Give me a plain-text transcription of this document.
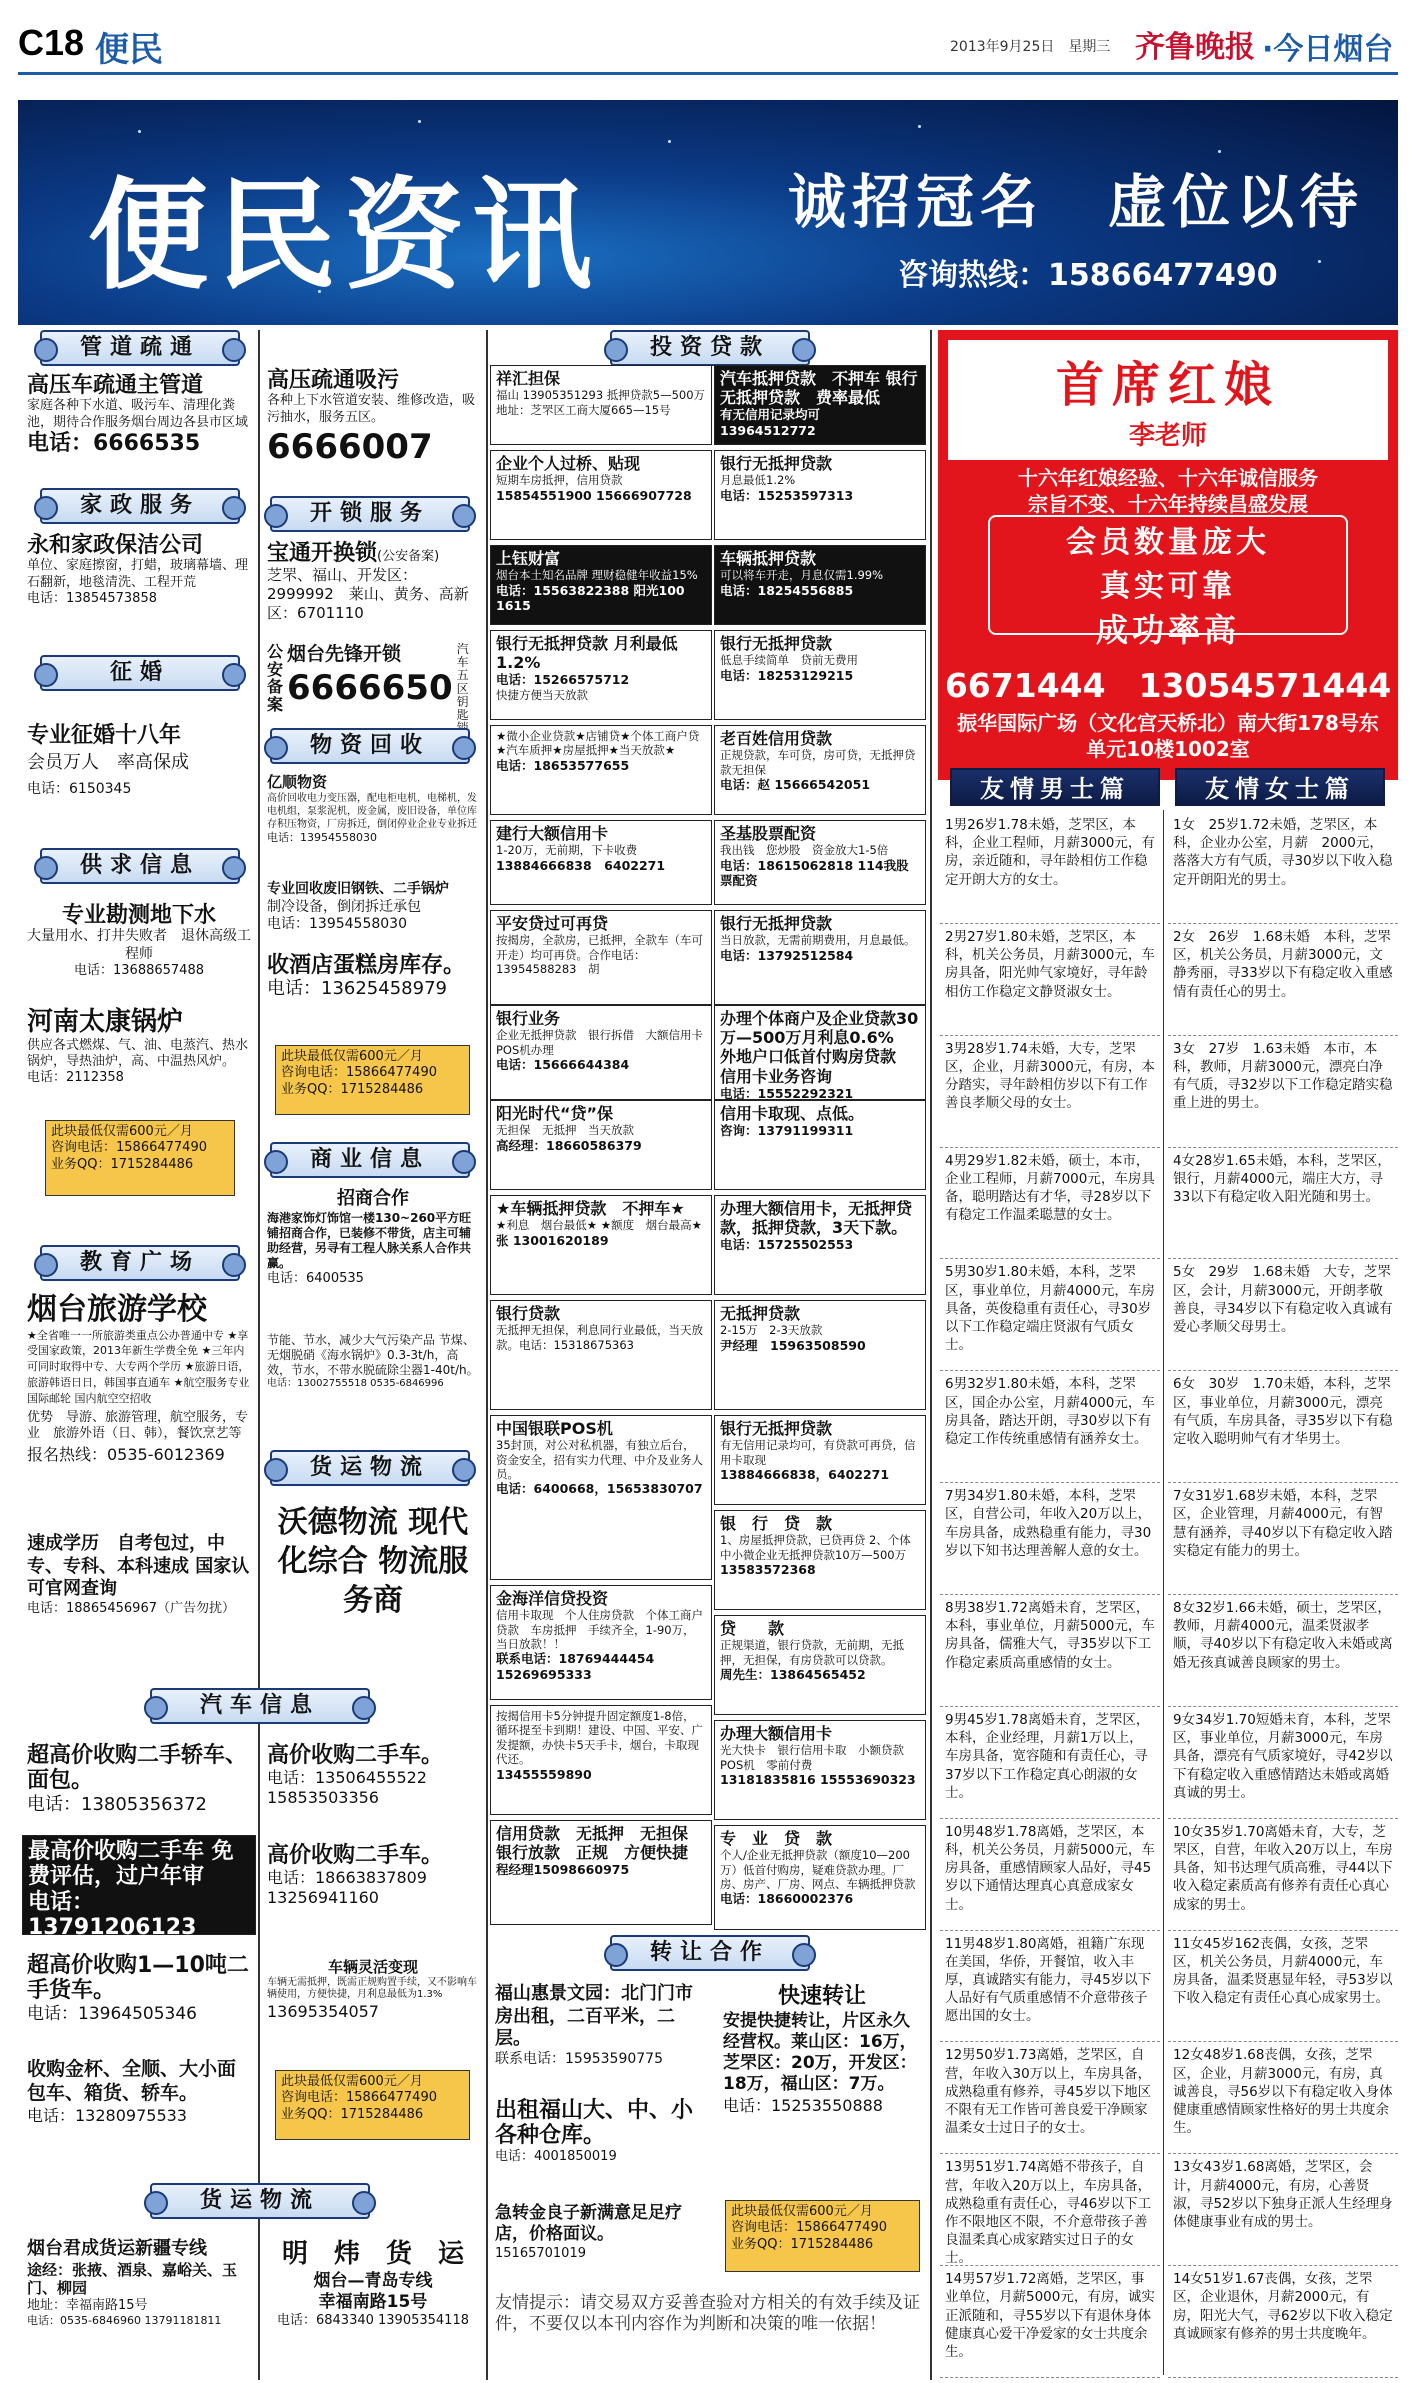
C18 便民	2013年9月25日　星期三 齐鲁晚报 ·今日烟台
便民资讯	诚招冠名　虚位以待
咨询热线：15866477490
管道疏通
高压车疏通主管道
家庭各种下水道、吸污车、清理化粪池，期待合作服务烟台周边各县市区域
电话：6666535
家政服务
永和家政保洁公司
单位、家庭擦窗，打蜡，玻璃幕墙、理石翻新，地毯清洗、工程开荒
电话：13854573858
征婚
专业征婚十八年
会员万人　率高保成
电话：6150345
供求信息
专业勘测地下水
大量用水、打井失败者　退休高级工程师
电话：13688657488
河南太康锅炉
供应各式燃煤、气、油、电蒸汽、热水锅炉，导热油炉，高、中温热风炉。
电话：2112358
此块最低仅需600元／月
咨询电话：15866477490
业务QQ：1715284486
教育广场
烟台旅游学校
★全省唯一一所旅游类重点公办普通中专 ★享受国家政策，2013年新生学费全免 ★三年内可同时取得中专、大专两个学历 ★旅游日语，旅游韩语日日，韩国事直通车 ★航空服务专业 国际邮轮 国内航空空招收
优势　导游、旅游管理，航空服务，专业　旅游外语（日、韩），餐饮烹艺等
报名热线：0535-6012369
速成学历　自考包过，中专、专科、本科速成 国家认可官网查询
电话：18865456967（广告勿扰）
汽车信息
超高价收购二手轿车、面包。
电话：13805356372
最高价收购二手车 免费评估，过户年审
电话：13791206123
超高价收购1—10吨二手货车。
电话：13964505346
收购金杯、全顺、大小面包车、箱货、轿车。
电话：13280975533
货运物流
烟台君成货运新疆专线
途经：张掖、酒泉、嘉峪关、玉门、柳园
地址：幸福南路15号
电话：0535-6846960 13791181811
高压疏通吸污
各种上下水管道安装、维修改造，吸污抽水，服务五区。
6666007
开锁服务
宝通开换锁(公安备案)
芝罘、福山、开发区：2999992　莱山、黄务、高新区：6701110
公安备案
烟台先锋开锁
6666650
汽车五区钥匙
物资回收
亿顺物资
高价回收电力变压器，配电柜电机，电梯机，发电机组，泵浆泥机，废金属，废旧设备，单位库存积压物资，厂房拆迁，倒闭停业企业专业拆迁
电话：13954558030
专业回收废旧钢铁、二手锅炉
制冷设备，倒闭拆迁承包
电话：13954558030
收酒店蛋糕房库存。
电话：13625458979
此块最低仅需600元／月
咨询电话：15866477490
业务QQ：1715284486
商业信息
招商合作
海港家饰灯饰馆一楼130~260平方旺铺招商合作，已装修不带货，店主可辅助经营，另寻有工程人脉关系人合作共赢。
电话：6400535
节能、节水，减少大气污染产品 节煤、无烟脱硝《海水锅炉》0.3-3t/h，高效，节水，不带水脱硫除尘器1-40t/h。
电话：13002755518 0535-6846996
货运物流
沃德物流 现代化综合 物流服务商
高价收购二手车。
电话：13506455522 15853503356
高价收购二手车。
电话：18663837809 13256941160
车辆灵活变现
车辆无需抵押，既需正规购置手续，又不影响车辆使用，方便快捷，月利息最低为1.3%
13695354057
此块最低仅需600元／月
咨询电话：15866477490
业务QQ：1715284486
明　炜　货　运
烟台—青岛专线
幸福南路15号
电话：6843340 13905354118
投资贷款
祥汇担保
福山 13905351293 抵押贷款5—500万 地址：芝罘区工商大厦665—15号
汽车抵押贷款　不押车 银行无抵押贷款　费率最低
有无信用记录均可 13964512772
企业个人过桥、贴现
短期车房抵押，信用贷款
15854551900 15666907728
银行无抵押贷款
月息最低1.2%
电话：15253597313
上钰财富
烟台本土知名品牌 理财稳健年收益15%
电话：15563822388 阳光100 1615
车辆抵押贷款
可以将车开走，月息仅需1.99%
电话：18254556885
银行无抵押贷款 月利最低1.2%
电话：15266575712
快捷方便当天放款
银行无抵押贷款
低息手续简单　贷前无费用
电话：18253129215
★微小企业贷款★店铺贷★个体工商户贷 ★汽车质押★房屋抵押★当天放款★
电话：18653577655
老百姓信用贷款
正规贷款，车可贷，房可贷，无抵押贷款无担保
电话：赵 15666542051
建行大额信用卡
1-20万，无前期，下卡收费
13884666838　6402271
圣基股票配资
我出钱　您炒股　资金放大1-5倍
电话：18615062818 114我股票配资
平安贷过可再贷
按揭房，全款房，已抵押，全款车（车可开走）均可再贷。合作电话：13954588283　胡
银行无抵押贷款
当日放款，无需前期费用，月息最低。
电话：13792512584
银行业务
企业无抵押贷款　银行拆借　大额信用卡　POS机办理
电话：15666644384
办理个体商户及企业贷款30万—500万月利息0.6%　外地户口低首付购房贷款　信用卡业务咨询
电话：15552292321
阳光时代“贷”保
无担保　无抵押　当天放款
高经理：18660586379
信用卡取现、点低。
咨询：13791199311
★车辆抵押贷款　不押车★
★利息　烟台最低★ ★额度　烟台最高★
张 13001620189
办理大额信用卡，无抵押贷款，抵押贷款，3天下款。
电话：15725502553
银行贷款
无抵押无担保，利息同行业最低，当天放款。电话：15318675363
无抵押贷款
2-15万　2-3天放款
尹经理　15963508590
中国银联POS机
35封顶，对公对私机器，有独立后台，资金安全，招有实力代理、中介及业务人员。
电话：6400668，15653830707
银行无抵押贷款
有无信用记录均可，有贷款可再贷，信用卡取现
13884666838，6402271
银　行　贷　款
1、房屋抵押贷款，已贷再贷 2、个体中小微企业无抵押贷款10万—500万
13583572368
金海洋信贷投资
信用卡取现　个人住房贷款　个体工商户贷款　车房抵押　手续齐全，1-90万，当日放款！！
联系电话：18769444454　15269695333
贷　　款
正规渠道，银行贷款，无前期，无抵押，无担保，有房贷款可以贷款。
周先生：13864565452
按揭信用卡5分钟提升固定额度1-8倍，循环提至卡到期！建设、中国、平安、广发提额，办快卡5天手卡，烟台，卡取现代还。
13455559890
办理大额信用卡
光大快卡　银行信用卡取　小额贷款 POS机　零前付费　
13181835816 15553690323
信用贷款　无抵押　无担保 银行放款　正规　方便快捷
程经理15098660975
专　业　贷　款
个人/企业无抵押贷款（额度10—200万）低首付购房，疑难贷款办理。厂房、房产、厂房、网点、车辆抵押贷款
电话：18660002376
转让合作
福山惠景文园：北门门市房出租，二百平米，二层。
联系电话：15953590775
出租福山大、中、小各种仓库。
电话：4001850019
急转金良子新满意足足疗店，价格面议。
15165701019
快速转让
安提快捷转让，片区永久经营权。莱山区：16万，芝罘区：20万，开发区：18万，福山区：7万。
电话：15253550888
此块最低仅需600元／月
咨询电话：15866477490
业务QQ：1715284486
友情提示：请交易双方妥善查验对方相关的有效手续及证件，不要仅以本刊内容作为判断和决策的唯一依据！
首席红娘
李老师
十六年红娘经验、十六年诚信服务
宗旨不变、十六年持续昌盛发展
会员数量庞大
真实可靠
成功率高
6671444　13054571444
振华国际广场（文化宫天桥北）南大街178号东单元10楼1002室
友情男士篇	友情女士篇
1男26岁1.78未婚，芝罘区，本科，企业工程师，月薪3000元，有房，亲近随和，寻年龄相仿工作稳定开朗大方的女士。
2男27岁1.80未婚，芝罘区，本科，机关公务员，月薪3000元，车房具备，阳光帅气家境好，寻年龄相仿工作稳定文静贤淑女士。
3男28岁1.74未婚，大专，芝罘区，企业，月薪3000元，有房，本分踏实，寻年龄相仿岁以下有工作善良孝顺父母的女士。
4男29岁1.82未婚，硕士，本市，企业工程师，月薪7000元，车房具备，聪明踏达有才华，寻28岁以下有稳定工作温柔聪慧的女士。
5男30岁1.80未婚，本科，芝罘区，事业单位，月薪4000元，车房具备，英俊稳重有责任心，寻30岁以下工作稳定端庄贤淑有气质女士。
6男32岁1.80未婚，本科，芝罘区，国企办公室，月薪4000元，车房具备，踏达开朗，寻30岁以下有稳定工作传统重感情有涵养女士。
7男34岁1.80未婚，本科，芝罘区，自营公司，年收入20万以上，车房具备，成熟稳重有能力，寻30岁以下知书达理善解人意的女士。
8男38岁1.72离婚未育，芝罘区，本科，事业单位，月薪5000元，车房具备，儒雅大气，寻35岁以下工作稳定素质高重感情的女士。
9男45岁1.78离婚未育，芝罘区，本科，企业经理，月薪1万以上，车房具备，宽容随和有责任心，寻37岁以下工作稳定真心朗淑的女士。
10男48岁1.78离婚，芝罘区，本科，机关公务员，月薪5000元，车房具备，重感情顾家人品好，寻45岁以下通情达理真心真意成家女士。
11男48岁1.80离婚，祖籍广东现在美国，华侨，开餐馆，收入丰厚，真诚踏实有能力，寻45岁以下人品好有气质重感情不介意带孩子愿出国的女士。
12男50岁1.73离婚，芝罘区，自营，年收入30万以上，车房具备，成熟稳重有修养，寻45岁以下地区不限有无工作皆可善良爱干净顾家温柔女士过日子的女士。
13男51岁1.74离婚不带孩子，自营，年收入20万以上，车房具备，成熟稳重有责任心，寻46岁以下工作不限地区不限，不介意带孩子善良温柔真心成家踏实过日子的女士。
14男57岁1.72离婚，芝罘区，事业单位，月薪5000元，有房，诚实正派随和，寻55岁以下有退休身体健康真心爱干净爱家的女士共度余生。
1女　25岁1.72未婚，芝罘区，本科，企业办公室，月薪　2000元，落落大方有气质，寻30岁以下收入稳定开朗阳光的男士。
2女　26岁　1.68未婚　本科，芝罘区，机关公务员，月薪3000元，文静秀丽，寻33岁以下有稳定收入重感情有责任心的男士。
3女　27岁　1.63未婚　本市，本科，教师，月薪3000元，漂亮白净有气质，寻32岁以下工作稳定踏实稳重上进的男士。
4女28岁1.65未婚，本科，芝罘区，银行，月薪4000元，端庄大方，寻33以下有稳定收入阳光随和男士。
5女　29岁　1.68未婚　大专，芝罘区，会计，月薪3000元，开朗孝敬善良，寻34岁以下有稳定收入真诚有爱心孝顺父母男士。
6女　30岁　1.70未婚，本科，芝罘区，事业单位，月薪3000元，漂亮有气质，车房具备，寻35岁以下有稳定收入聪明帅气有才华男士。
7女31岁1.68岁未婚，本科，芝罘区，企业管理，月薪4000元，有智慧有涵养，寻40岁以下有稳定收入踏实稳定有能力的男士。
8女32岁1.66未婚，硕士，芝罘区，教师，月薪4000元，温柔贤淑孝顺，寻40岁以下有稳定收入未婚或离婚无孩真诚善良顾家的男士。
9女34岁1.70短婚未育，本科，芝罘区，事业单位，月薪3000元，车房具备，漂亮有气质家境好，寻42岁以下有稳定收入重感情踏达未婚或离婚真诚的男士。
10女35岁1.70离婚未育，大专，芝罘区，自营，年收入20万以上，车房具备，知书达理气质高雅，寻44以下收入稳定素质高有修养有责任心真心成家的男士。
11女45岁162丧偶，女孩，芝罘区，机关公务员，月薪4000元，车房具备，温柔贤惠显年轻，寻53岁以下收入稳定有责任心真心成家男士。
12女48岁1.68丧偶，女孩，芝罘区，企业，月薪3000元，有房，真诚善良，寻56岁以下有稳定收入身体健康重感情顾家性格好的男士共度余生。
13女43岁1.68离婚，芝罘区，会计，月薪4000元，有房，心善贤淑，寻52岁以下独身正派人生经理身体健康事业有成的男士。
14女51岁1.67丧偶，女孩，芝罘区，企业退休，月薪2000元，有房，阳光大气，寻62岁以下收入稳定真诚顾家有修养的男士共度晚年。
